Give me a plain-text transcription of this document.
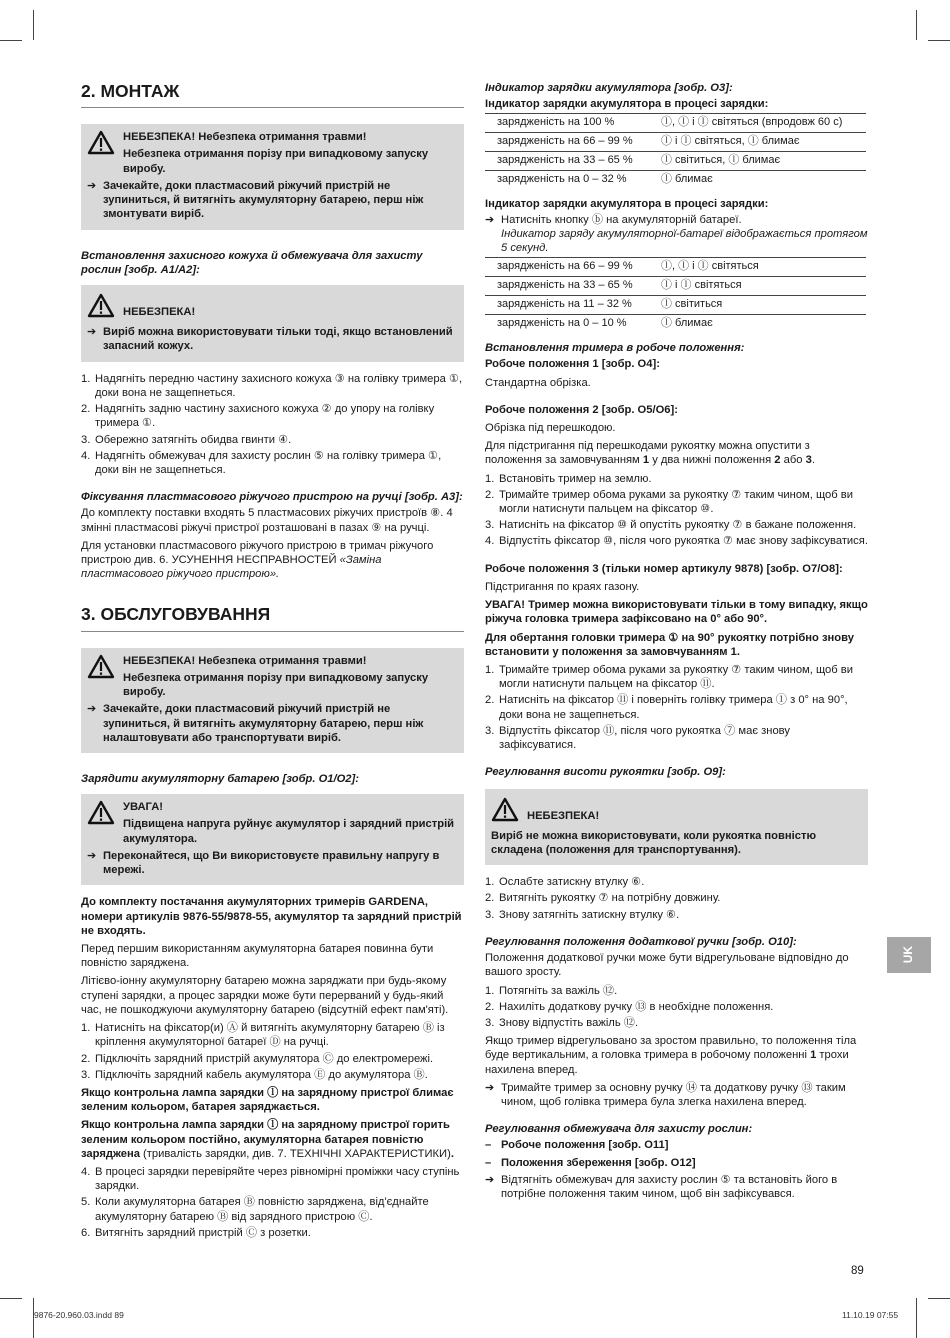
2. МОНТАЖ
НЕБЕЗПЕКА! Небезпека отримання травми!
Небезпека отримання порізу при випадковому запуску виробу.
➔ Зачекайте, доки пластмасовий ріжучий пристрій не зупиниться, й витягніть акумуляторну батарею, перш ніж змонтувати виріб.

Встановлення захисного кожуха й обмежувача для захисту рослин [зобр. A1/A2]:

НЕБЕЗПЕКА!
➔ Виріб можна використовувати тільки тоді, якщо встановлений запасний кожух.
1. Надягніть передню частину захисного кожуха ③ на голівку тримера ①, доки вона не защепнеться.
2. Надягніть задню частину захисного кожуха ② до упору на голівку тримера ①.
3. Обережно затягніть обидва гвинти ④.
4. Надягніть обмежувач для захисту рослин ⑤ на голівку тримера ①, доки він не защепнеться.

Фіксування пластмасового ріжучого пристрою на ручці [зобр. A3]:

До комплекту поставки входять 5 пластмасових ріжучих пристроїв ⑧. 4 змінні пластмасові ріжучі пристрої розташовані в пазах ⑨ на ручці.

Для установки пластмасового ріжучого пристрою в тримач ріжучого пристрою див. 6. УСУНЕННЯ НЕСПРАВНОСТЕЙ «Заміна пластмасового ріжучого пристрою».

3. ОБСЛУГОВУВАННЯ
НЕБЕЗПЕКА! Небезпека отримання травми!
Небезпека отримання порізу при випадковому запуску виробу.
➔ Зачекайте, доки пластмасовий ріжучий пристрій не зупиниться, й витягніть акумуляторну батарею, перш ніж налаштовувати або транспортувати виріб.

Зарядити акумуляторну батарею [зобр. O1/O2]:

УВАГА!
Підвищена напруга руйнує акумулятор і зарядний пристрій акумулятора.
➔ Переконайтеся, що Ви використовуєте правильну напругу в мережі.

До комплекту постачання акумуляторних тримерів GARDENA, номери артикулів 9876-55/9878-55, акумулятор та зарядний пристрій не входять.

Перед першим використанням акумуляторна батарея повинна бути повністю заряджена.

Літієво-іонну акумуляторну батарею можна заряджати при будь-якому ступені зарядки, а процес зарядки може бути перерваний у будь-який час, не пошкоджуючи акумуляторну батарею (відсутній ефект пам'яті).

1. Натисніть на фіксатор(и) Ⓐ й витягніть акумуляторну батарею Ⓑ із кріплення акумуляторної батареї Ⓓ на ручці.
2. Підключіть зарядний пристрій акумулятора Ⓒ до електромережі.
3. Підключіть зарядний кабель акумулятора Ⓔ до акумулятора Ⓑ.

Якщо контрольна лампа зарядки ⓛ на зарядному пристрої блимає зеленим кольором, батарея заряджається.

Якщо контрольна лампа зарядки ⓛ на зарядному пристрої горить зеленим кольором постійно, акумуляторна батарея повністю заряджена (тривалість зарядки, див. 7. ТЕХНІЧНІ ХАРАКТЕРИСТИКИ).

4. В процесі зарядки перевіряйте через рівномірні проміжки часу ступінь зарядки.
5. Коли акумуляторна батарея Ⓑ повністю заряджена, від'єднайте акумуляторну батарею Ⓑ від зарядного пристрою Ⓒ.
6. Витягніть зарядний пристрій Ⓒ з розетки.

Індикатор зарядки акумулятора [зобр. O3]:

Індикатор зарядки акумулятора в процесі зарядки:

зарядженість на 100 %	ⓛ, ⓛ і ⓛ світяться (впродовж 60 с)
зарядженість на 66 – 99 %	ⓛ і ⓛ світяться, ⓛ блимає
зарядженість на 33 – 65 %	ⓛ світиться, ⓛ блимає
зарядженість на 0 – 32 %	ⓛ блимає

Індикатор зарядки акумулятора в процесі зарядки:

➔ Натисніть кнопку ⓑ на акумуляторній батареї.
Індикатор заряду акумуляторної-батареї відображається протягом 5 секунд.
зарядженість на 66 – 99 %	ⓛ, ⓛ і ⓛ світяться
зарядженість на 33 – 65 %	ⓛ і ⓛ світяться
зарядженість на 11 – 32 %	ⓛ світиться
зарядженість на 0 – 10 %	ⓛ блимає

Встановлення тримера в робоче положення:

Робоче положення 1 [зобр. O4]:

Стандартна обрізка.

Робоче положення 2 [зобр. O5/O6]:

Обрізка під перешкодою.

Для підстригання під перешкодами рукоятку можна опустити з положення за замовчуванням 1 у два нижні положення 2 або 3.

1. Встановіть тример на землю.
2. Тримайте тример обома руками за рукоятку ⑦ таким чином, щоб ви могли натиснути пальцем на фіксатор ⑩.
3. Натисніть на фіксатор ⑩ й опустіть рукоятку ⑦ в бажане положення.
4. Відпустіть фіксатор ⑩, після чого рукоятка ⑦ має знову зафіксуватися.

Робоче положення 3 (тільки номер артикулу 9878) [зобр. O7/O8]:

Підстригання по краях газону.

УВАГА! Тример можна використовувати тільки в тому випадку, якщо ріжуча головка тримера зафіксовано на 0° або 90°.

Для обертання головки тримера ① на 90° рукоятку потрібно знову встановити у положення за замовчуванням 1.

1. Тримайте тример обома руками за рукоятку ⑦ таким чином, щоб ви могли натиснути пальцем на фіксатор ⑪.
2. Натисніть на фіксатор ⑪ і поверніть голівку тримера ① з 0° на 90°, доки вона не защепнеться.
3. Відпустіть фіксатор ⑪, після чого рукоятка ⑦ має знову зафіксуватися.

Регулювання висоти рукоятки [зобр. O9]:

НЕБЕЗПЕКА!
Виріб не можна використовувати, коли рукоятка повністю складена (положення для транспортування).
1. Ослабте затискну втулку ⑥.
2. Витягніть рукоятку ⑦ на потрібну довжину.
3. Знову затягніть затискну втулку ⑥.

Регулювання положення додаткової ручки [зобр. O10]:

Положення додаткової ручки може бути відрегульоване відповідно до вашого зросту.

1. Потягніть за важіль ⑫.
2. Нахиліть додаткову ручку ⑬ в необхідне положення.
3. Знову відпустіть важіль ⑫.

Якщо тример відрегульовано за зростом правильно, то положення тіла буде вертикальним, а головка тримера в робочому положенні 1 трохи нахилена вперед.

➔ Тримайте тример за основну ручку ⑭ та додаткову ручку ⑬ таким чином, щоб голівка тримера була злегка нахилена вперед.

Регулювання обмежувача для захисту рослин:

– Робоче положення [зобр. O11]
– Положення збереження [зобр. O12]
➔ Відтягніть обмежувач для захисту рослин ⑤ та встановіть його в потрібне положення таким чином, щоб він зафіксувався.
UK
89
9876-20.960.03.indd 89	11.10.19 07:55
